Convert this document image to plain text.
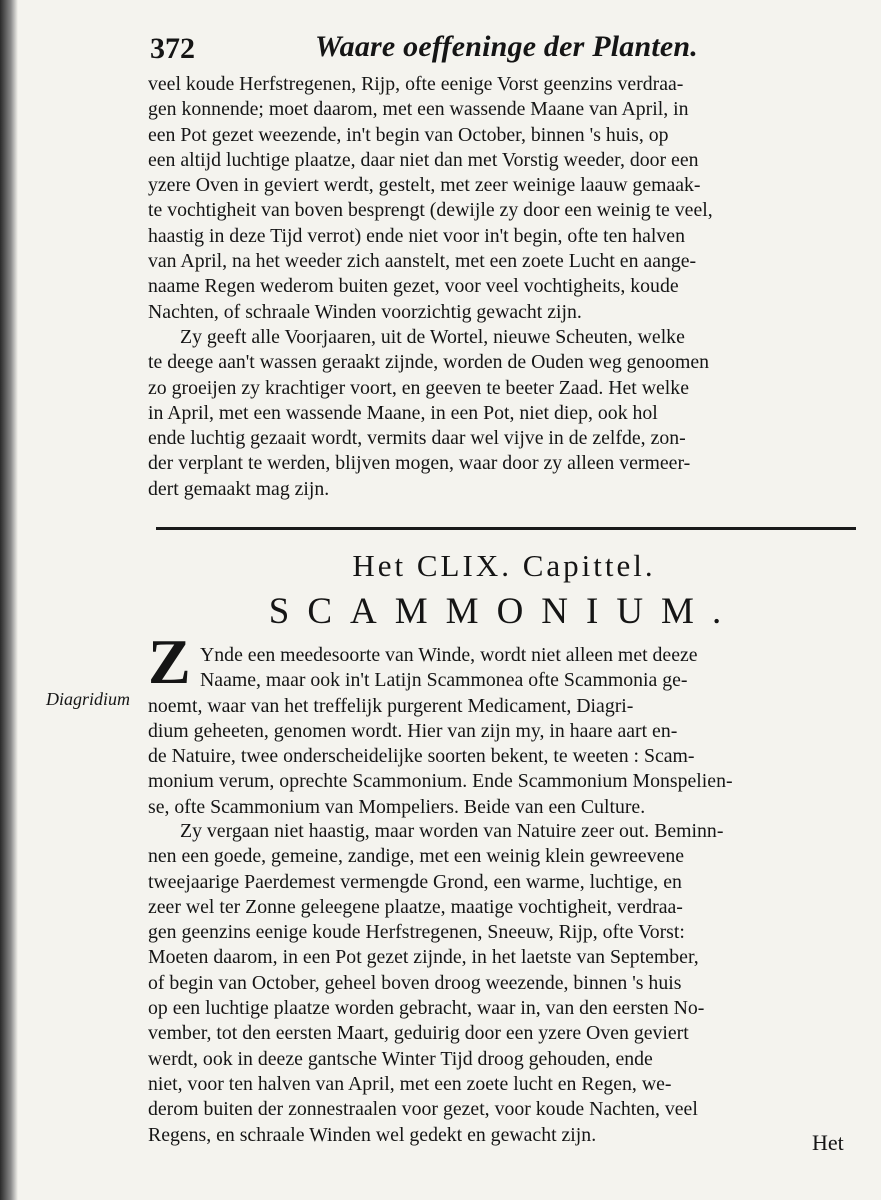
372	Waare oeffeninge der Planten.
veel koude Herfstregenen, Rijp, ofte eenige Vorst geenzins verdraa-
gen konnende; moet daarom, met een wassende Maane van April, in
een Pot gezet weezende, in't begin van October, binnen 's huis, op
een altijd luchtige plaatze, daar niet dan met Vorstig weeder, door een
yzere Oven in geviert werdt, gestelt, met zeer weinige laauw gemaak-
te vochtigheit van boven besprengt (dewijle zy door een weinig te veel,
haastig in deze Tijd verrot) ende niet voor in't begin, ofte ten halven
van April, na het weeder zich aanstelt, met een zoete Lucht en aange-
naame Regen wederom buiten gezet, voor veel vochtigheits, koude
Nachten, of schraale Winden voorzichtig gewacht zijn.
Zy geeft alle Voorjaaren, uit de Wortel, nieuwe Scheuten, welke
te deege aan't wassen geraakt zijnde, worden de Ouden weg genoomen
zo groeijen zy krachtiger voort, en geeven te beeter Zaad. Het welke
in April, met een wassende Maane, in een Pot, niet diep, ook hol
ende luchtig gezaait wordt, vermits daar wel vijve in de zelfde, zon-
der verplant te werden, blijven mogen, waar door zy alleen vermeer-
dert gemaakt mag zijn.
Het CLIX. Capittel.
SCAMMONIUM.
Z
Diagridium
Ynde een meedesoorte van Winde, wordt niet alleen met deeze
Naame, maar ook in't Latijn Scammonea ofte Scammonia ge-
noemt, waar van het treffelijk purgerent Medicament, Diagri-
dium geheeten, genomen wordt. Hier van zijn my, in haare aart en-
de Natuire, twee onderscheidelijke soorten bekent, te weeten : Scam-
monium verum, oprechte Scammonium. Ende Scammonium Monspelien-
se, ofte Scammonium van Mompeliers. Beide van een Culture.
Zy vergaan niet haastig, maar worden van Natuire zeer out. Beminn-
nen een goede, gemeine, zandige, met een weinig klein gewreevene
tweejaarige Paerdemest vermengde Grond, een warme, luchtige, en
zeer wel ter Zonne geleegene plaatze, maatige vochtigheit, verdraa-
gen geenzins eenige koude Herfstregenen, Sneeuw, Rijp, ofte Vorst:
Moeten daarom, in een Pot gezet zijnde, in het laetste van September,
of begin van October, geheel boven droog weezende, binnen 's huis
op een luchtige plaatze worden gebracht, waar in, van den eersten No-
vember, tot den eersten Maart, geduirig door een yzere Oven geviert
werdt, ook in deeze gantsche Winter Tijd droog gehouden, ende
niet, voor ten halven van April, met een zoete lucht en Regen, we-
derom buiten der zonnestraalen voor gezet, voor koude Nachten, veel
Regens, en schraale Winden wel gedekt en gewacht zijn.	Het
